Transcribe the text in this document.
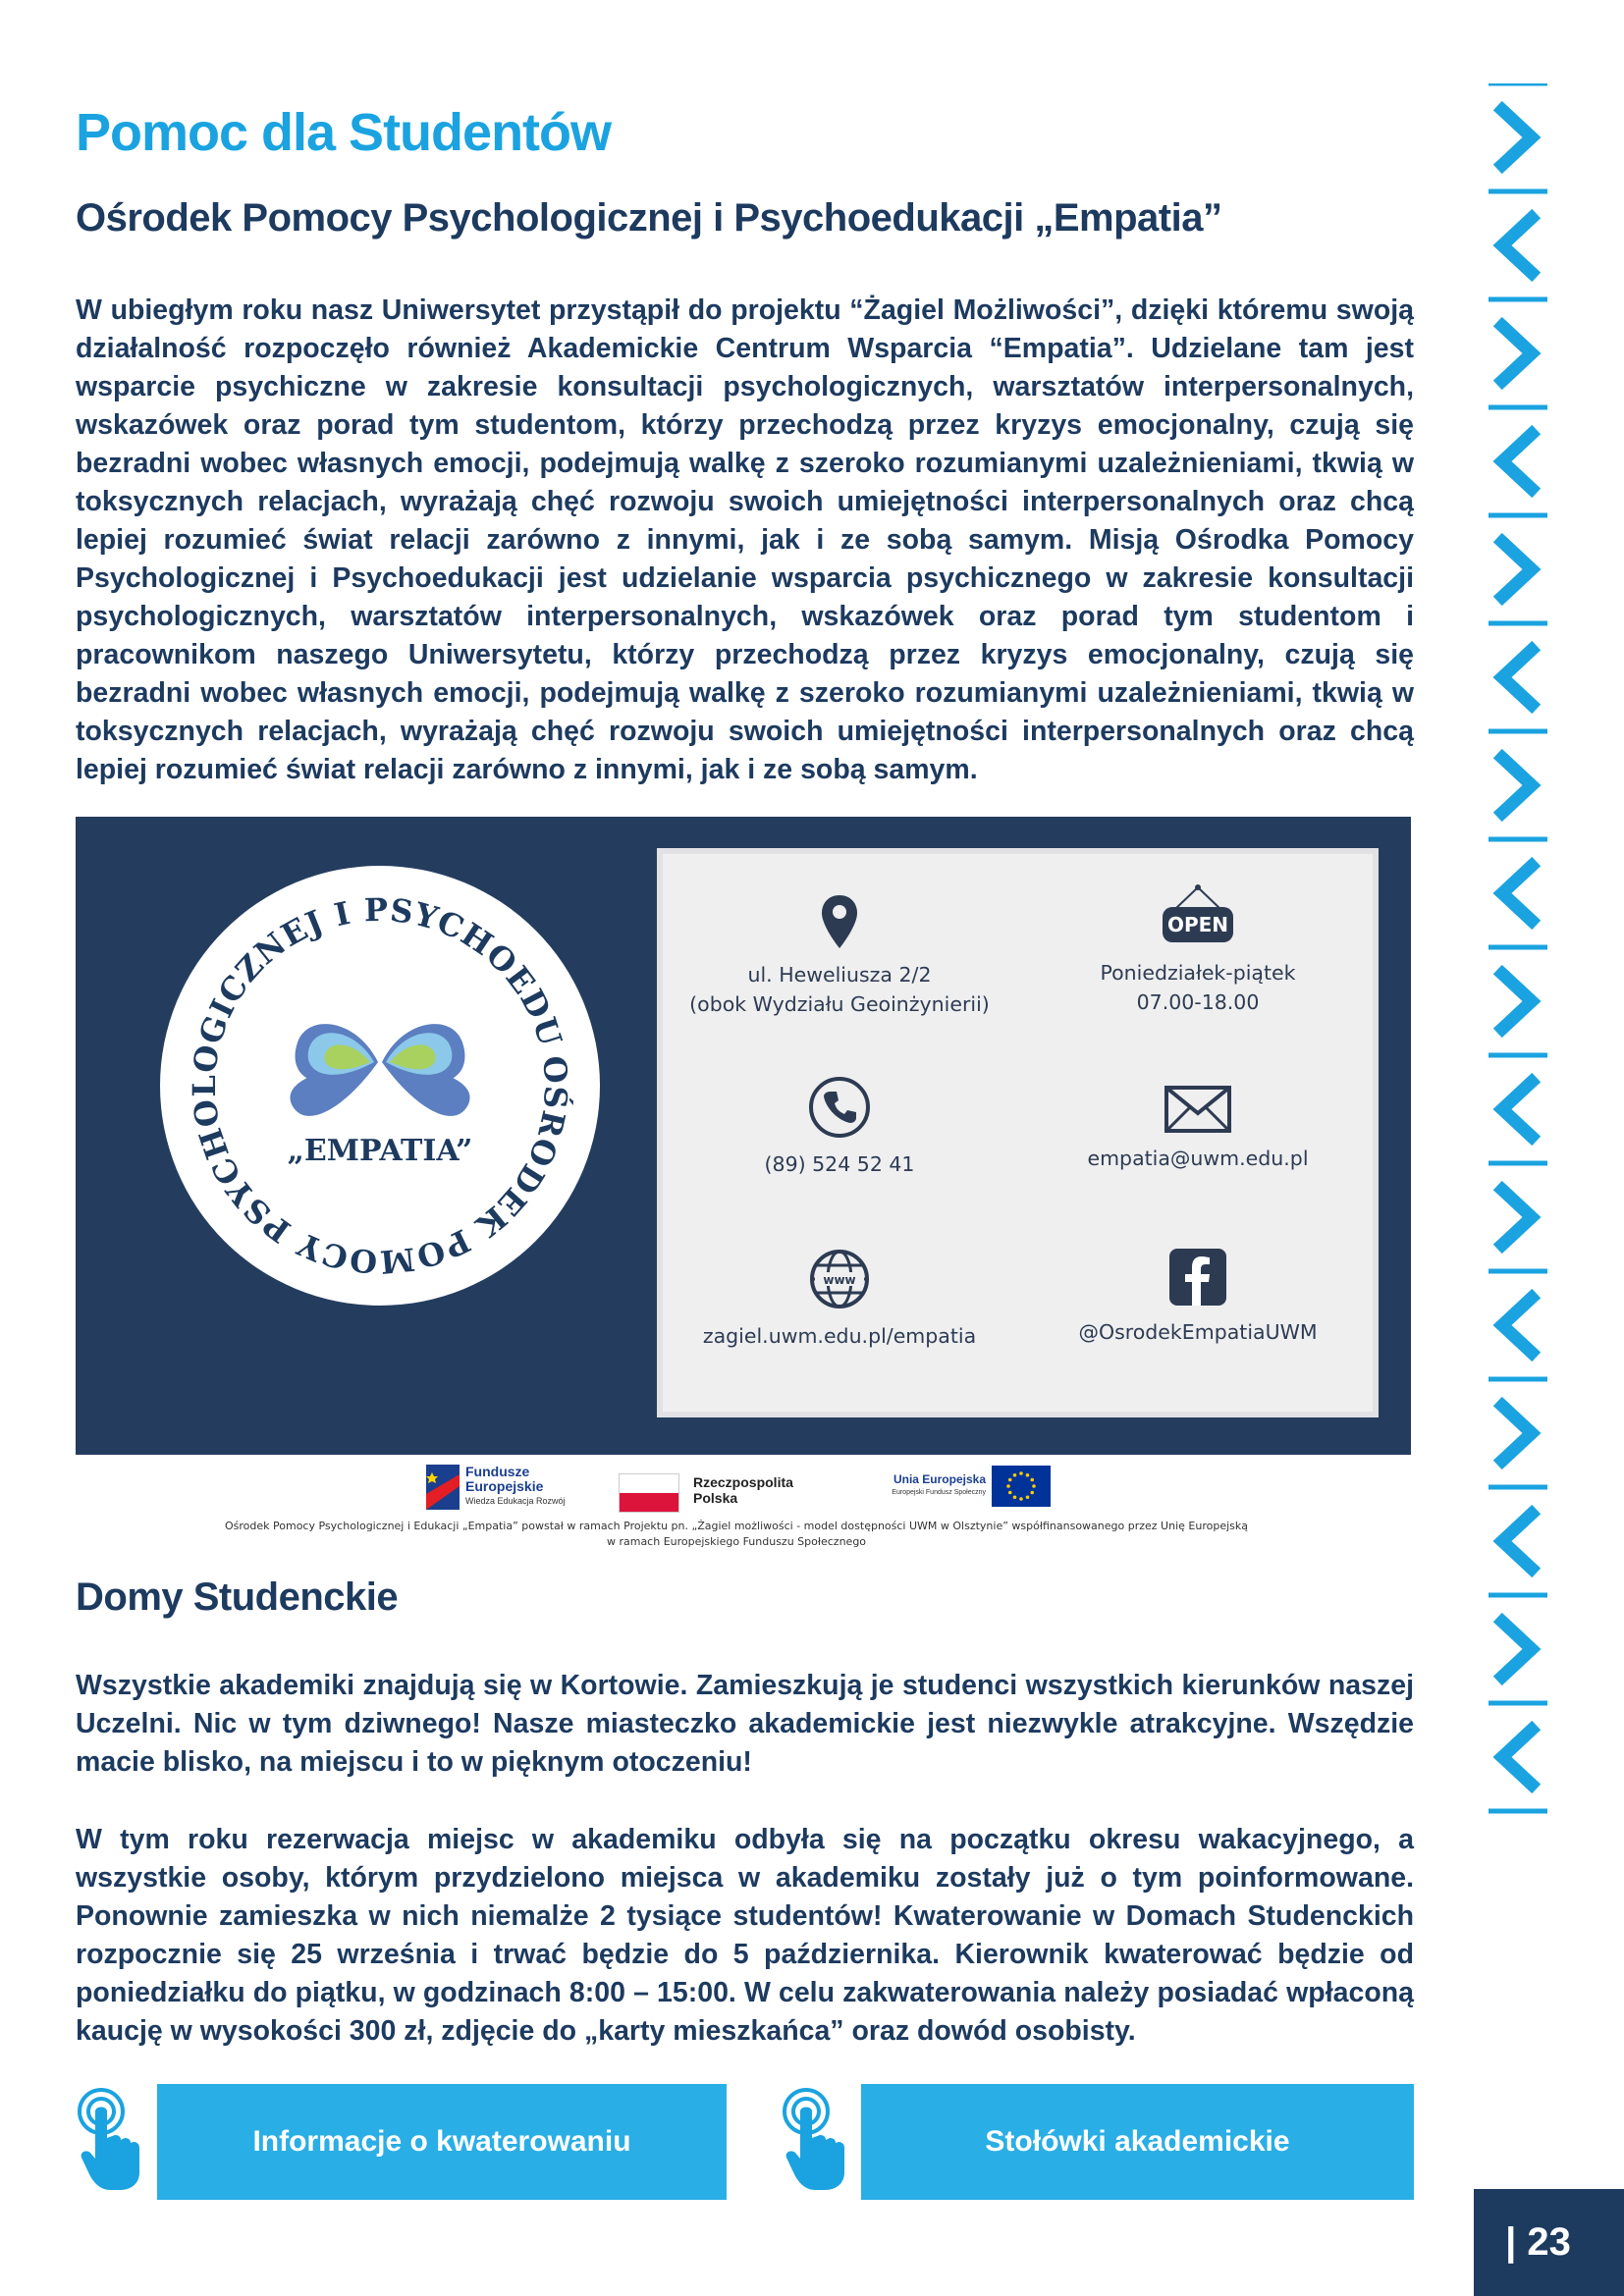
Pomoc dla Studentów
Ośrodek Pomocy Psychologicznej i Psychoedukacji „Empatia”
W ubiegłym roku nasz Uniwersytet przystąpił do projektu “Żagiel Możliwości”, dzięki któremu swoją działalność rozpoczęło również Akademickie Centrum Wsparcia “Empatia”. Udzielane tam jest wsparcie psychiczne w zakresie konsultacji psychologicznych, warsztatów interpersonalnych, wskazówek oraz porad tym studentom, którzy przechodzą przez kryzys emocjonalny, czują się bezradni wobec własnych emocji, podejmują walkę z szeroko rozumianymi uzależnieniami, tkwią w toksycznych relacjach, wyrażają chęć rozwoju swoich umiejętności interpersonalnych oraz chcą lepiej rozumieć świat relacji zarówno z innymi, jak i ze sobą samym. Misją Ośrodka Pomocy Psychologicznej i Psychoedukacji jest udzielanie wsparcia psychicznego w zakresie konsultacji psychologicznych, warsztatów interpersonalnych, wskazówek oraz porad tym studentom i pracownikom naszego Uniwersytetu, którzy przechodzą przez kryzys emocjonalny, czują się bezradni wobec własnych emocji, podejmują walkę z szeroko rozumianymi uzależnieniami, tkwią w toksycznych relacjach, wyrażają chęć rozwoju swoich umiejętności interpersonalnych oraz chcą lepiej rozumieć świat relacji zarówno z innymi, jak i ze sobą samym.
OŚRODEK POMOCY PSYCHOLOGICZNEJ I PSYCHOEDU
„EMPATIA”
ul. Heweliusza 2/2
(obok Wydziału Geoinżynierii)
OPEN
Poniedziałek-piątek
07.00-18.00
(89) 524 52 41	empatia@uwm.edu.pl
www
zagiel.uwm.edu.pl/empatia	@OsrodekEmpatiaUWM
Fundusze
Europejskie
Wiedza Edukacja Rozwój
Rzeczpospolita
Polska
Unia Europejska
Europejski Fundusz Społeczny
Ośrodek Pomocy Psychologicznej i Edukacji „Empatia” powstał w ramach Projektu pn. „Żagiel możliwości - model dostępności UWM w Olsztynie” współfinansowanego przez Unię Europejską
w ramach Europejskiego Funduszu Społecznego
Domy Studenckie
Wszystkie akademiki znajdują się w Kortowie. Zamieszkują je studenci wszystkich kierunków naszej Uczelni. Nic w tym dziwnego! Nasze miasteczko akademickie jest niezwykle atrakcyjne. Wszędzie macie blisko, na miejscu i to w pięknym otoczeniu!
W tym roku rezerwacja miejsc w akademiku odbyła się na początku okresu wakacyjnego, a wszystkie osoby, którym przydzielono miejsca w akademiku zostały już o tym poinformowane. Ponownie zamieszka w nich niemalże 2 tysiące studentów! Kwaterowanie w Domach Studenckich rozpocznie się 25 września i trwać będzie do 5 października. Kierownik kwaterować będzie od poniedziałku do piątku, w godzinach 8:00 – 15:00. W celu zakwaterowania należy posiadać wpłaconą kaucję w wysokości 300 zł, zdjęcie do „karty mieszkańca” oraz dowód osobisty.
Informacje o kwaterowaniu	Stołówki akademickie
| 23
